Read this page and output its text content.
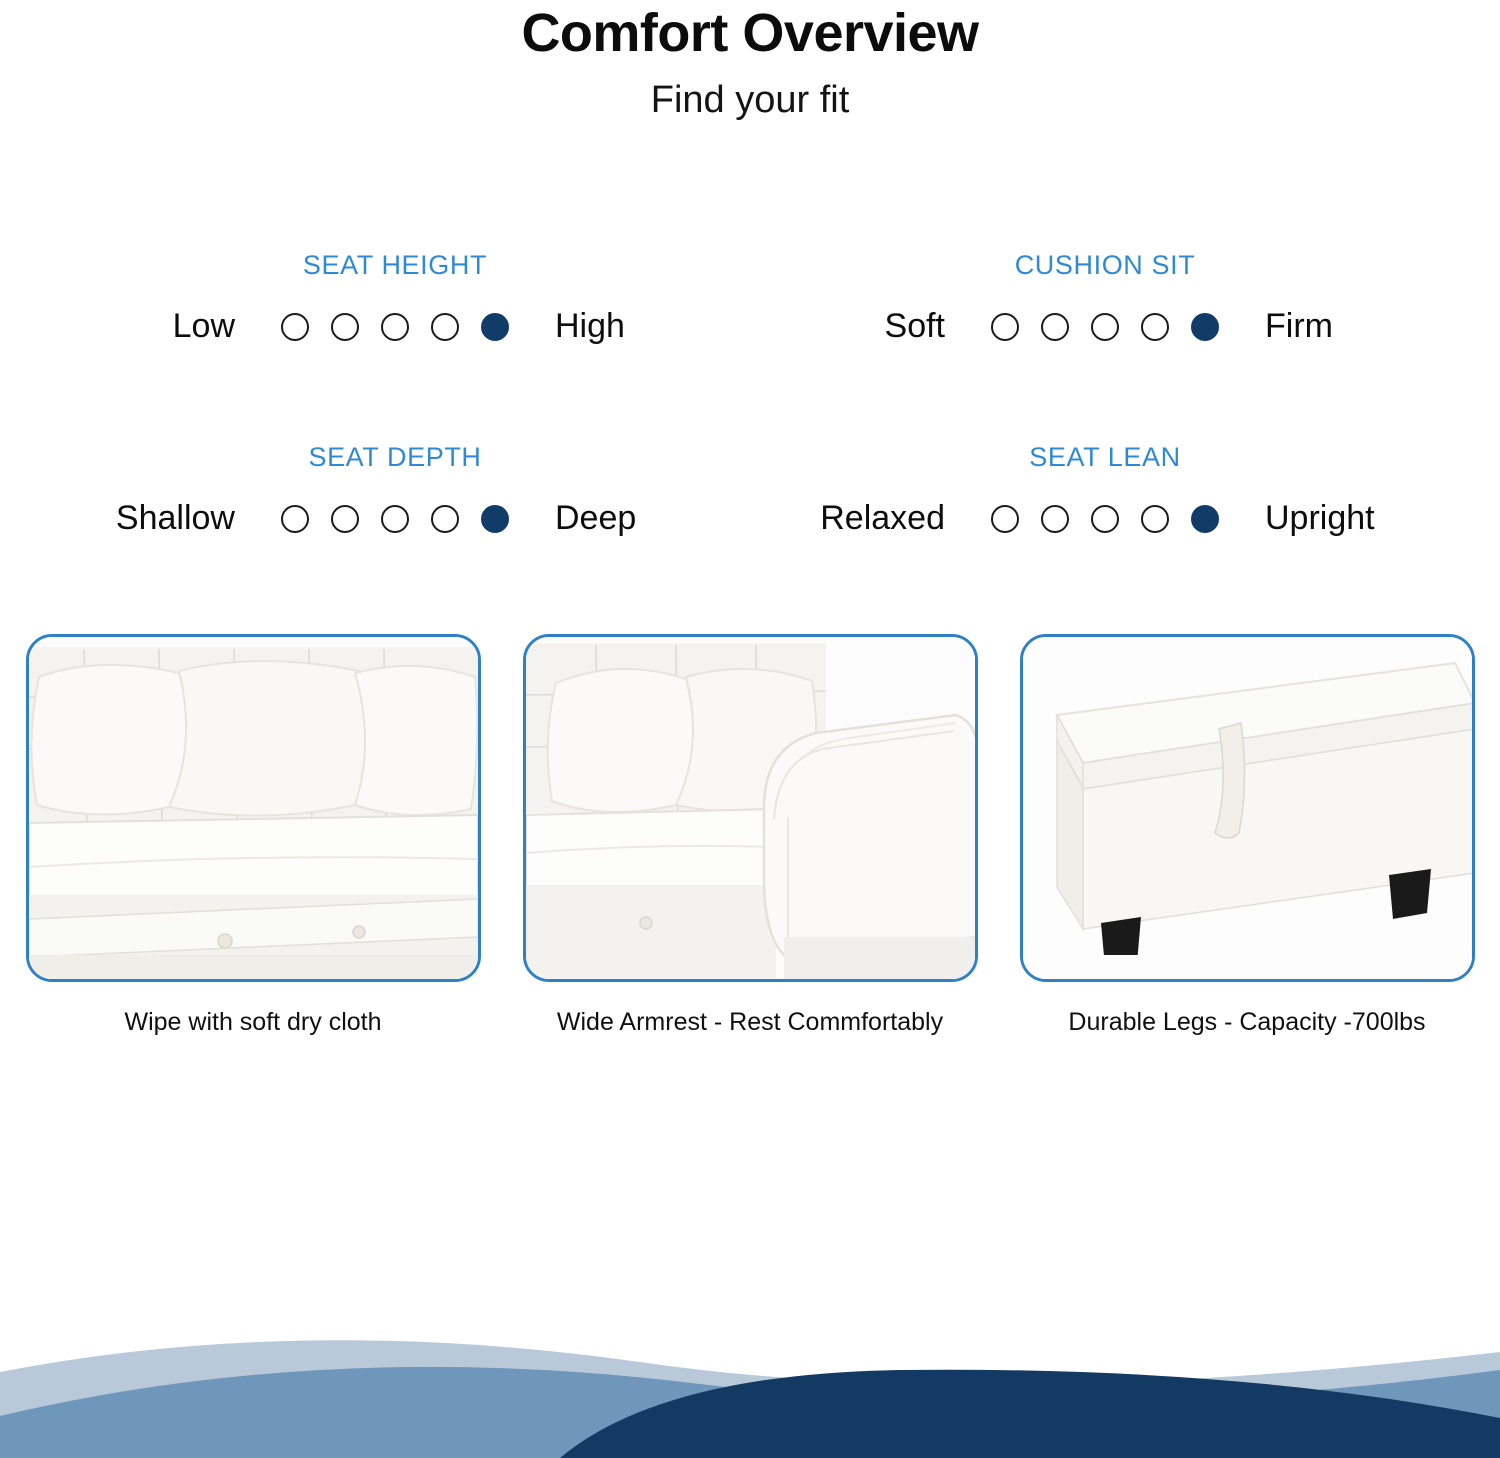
Comfort Overview

Find your fit

SEAT HEIGHT
Low	High
CUSHION SIT
Soft	Firm
SEAT DEPTH
Shallow	Deep
SEAT LEAN
Relaxed	Upright
Wipe with soft dry cloth	Wide Armrest - Rest Commfortably	Durable Legs - Capacity -700lbs
